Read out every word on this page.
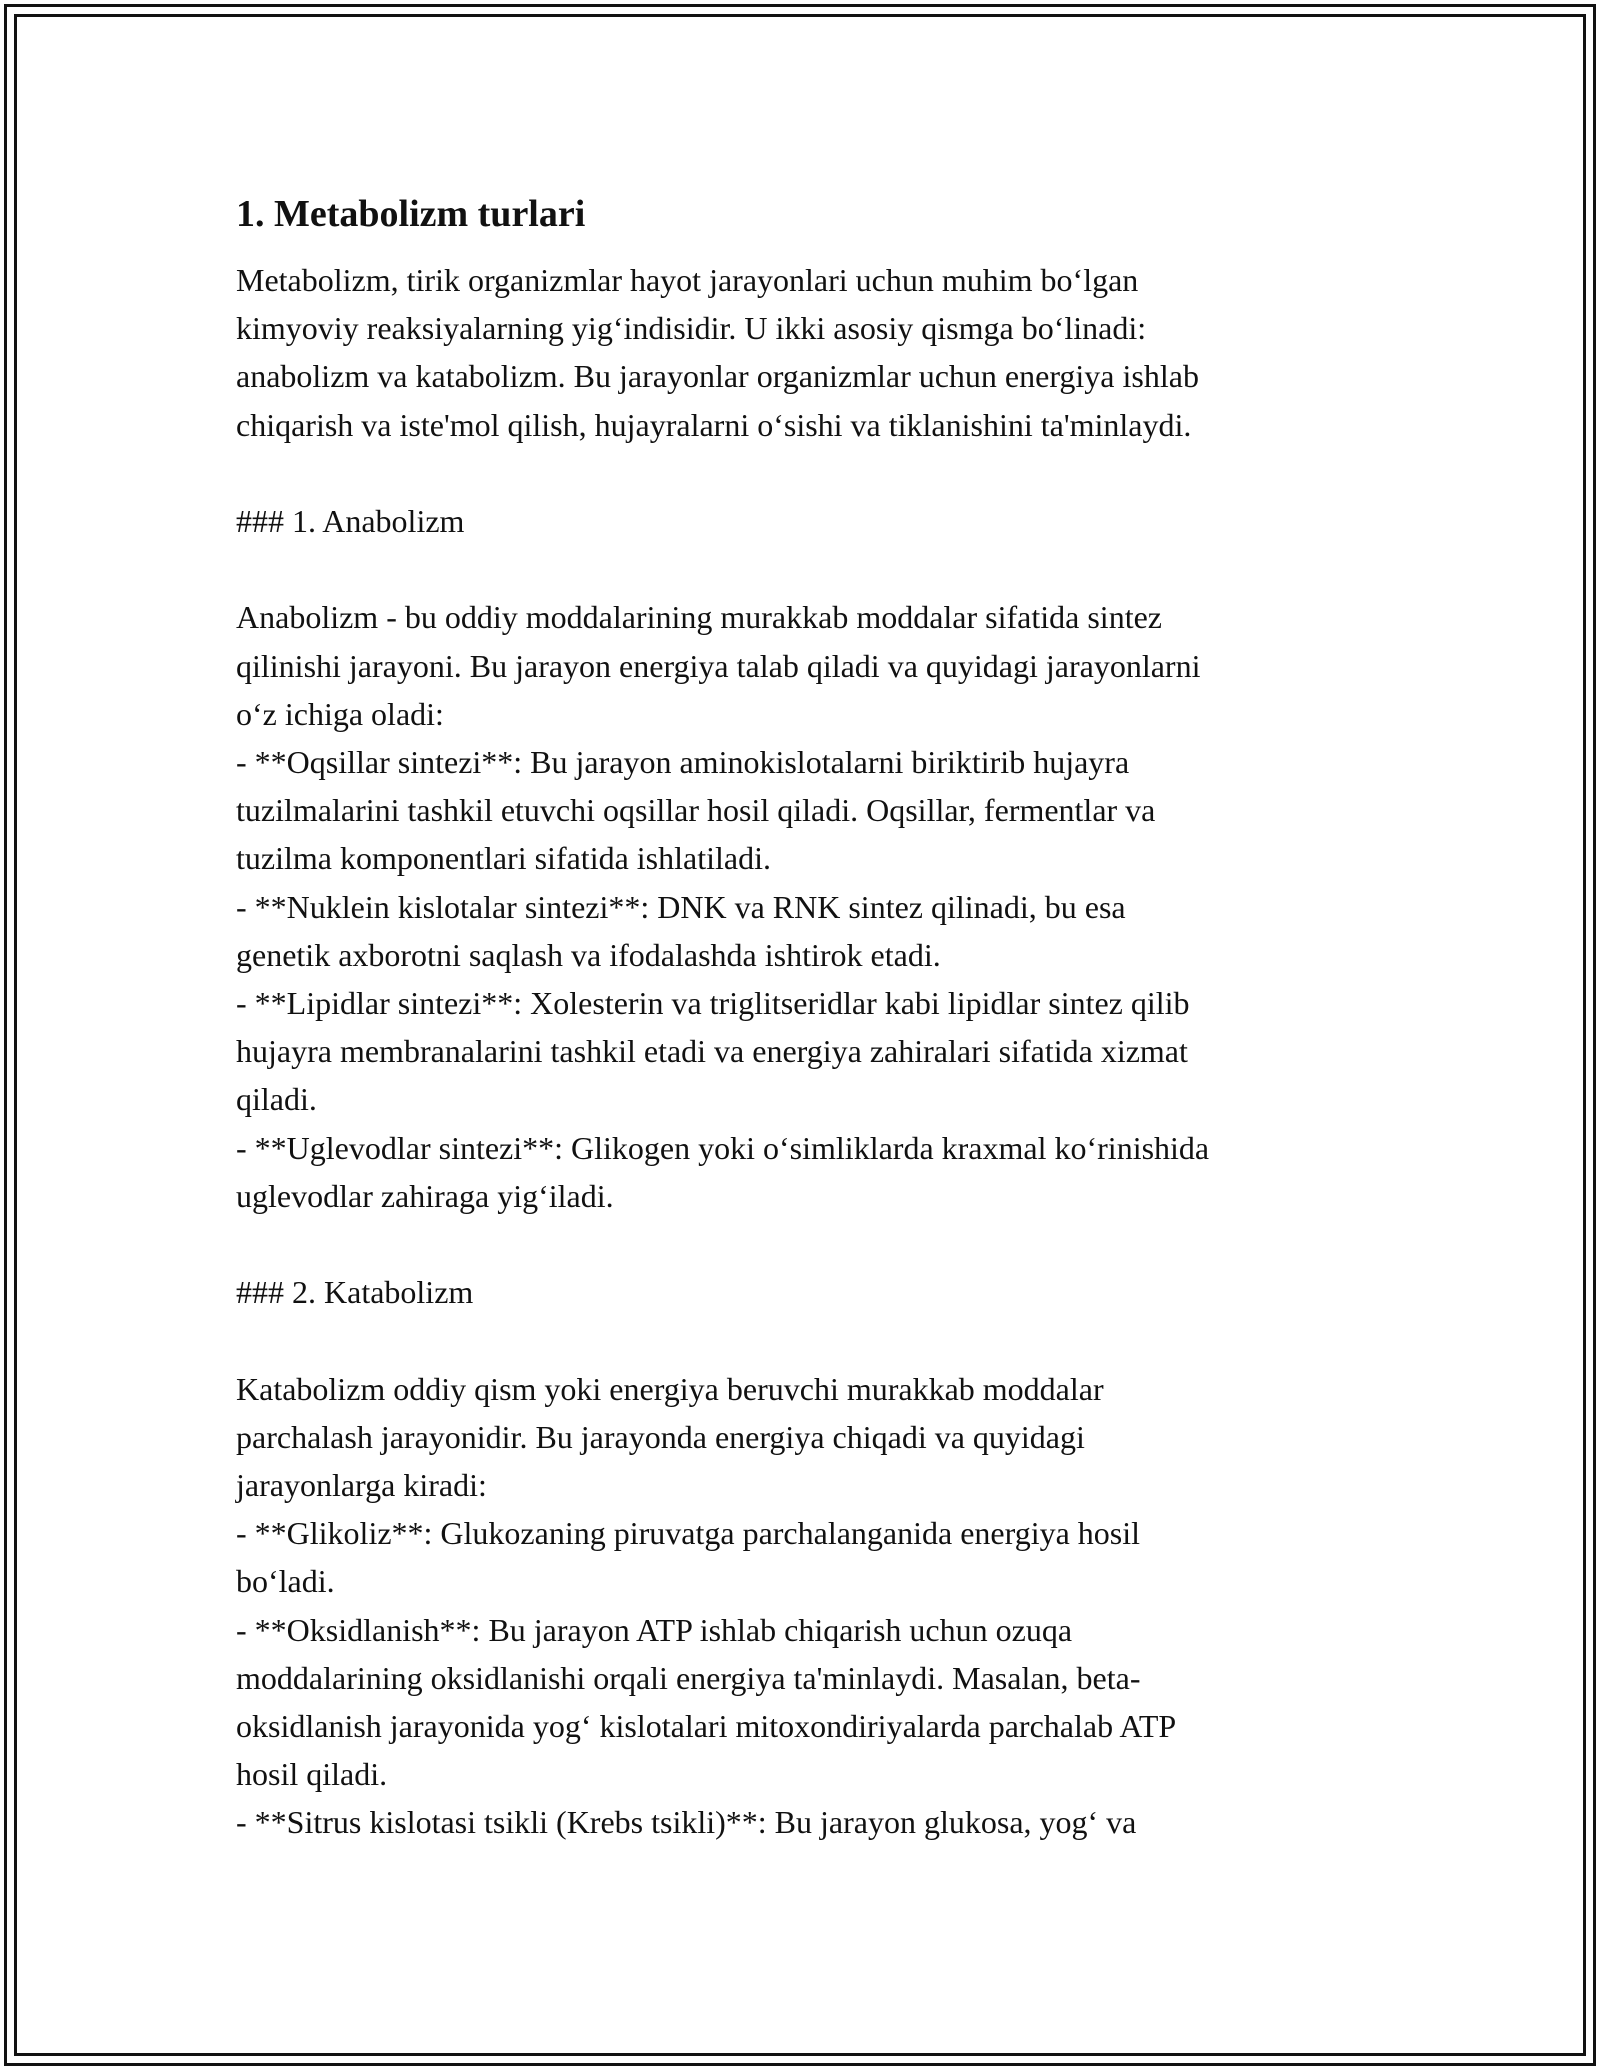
1. Metabolizm turlari
Metabolizm, tirik organizmlar hayot jarayonlari uchun muhim bo‘lgan
kimyoviy reaksiyalarning yig‘indisidir. U ikki asosiy qismga bo‘linadi:
anabolizm va katabolizm. Bu jarayonlar organizmlar uchun energiya ishlab
chiqarish va iste'mol qilish, hujayralarni o‘sishi va tiklanishini ta'minlaydi.
### 1. Anabolizm
Anabolizm - bu oddiy moddalarining murakkab moddalar sifatida sintez
qilinishi jarayoni. Bu jarayon energiya talab qiladi va quyidagi jarayonlarni
o‘z ichiga oladi:
- **Oqsillar sintezi**: Bu jarayon aminokislotalarni biriktirib hujayra
tuzilmalarini tashkil etuvchi oqsillar hosil qiladi. Oqsillar, fermentlar va
tuzilma komponentlari sifatida ishlatiladi.
- **Nuklein kislotalar sintezi**: DNK va RNK sintez qilinadi, bu esa
genetik axborotni saqlash va ifodalashda ishtirok etadi.
- **Lipidlar sintezi**: Xolesterin va triglitseridlar kabi lipidlar sintez qilib
hujayra membranalarini tashkil etadi va energiya zahiralari sifatida xizmat
qiladi.
- **Uglevodlar sintezi**: Glikogen yoki o‘simliklarda kraxmal ko‘rinishida
uglevodlar zahiraga yig‘iladi.
### 2. Katabolizm
Katabolizm oddiy qism yoki energiya beruvchi murakkab moddalar
parchalash jarayonidir. Bu jarayonda energiya chiqadi va quyidagi
jarayonlarga kiradi:
- **Glikoliz**: Glukozaning piruvatga parchalanganida energiya hosil
bo‘ladi.
- **Oksidlanish**: Bu jarayon ATP ishlab chiqarish uchun ozuqa
moddalarining oksidlanishi orqali energiya ta'minlaydi. Masalan, beta-
oksidlanish jarayonida yog‘ kislotalari mitoxondiriyalarda parchalab ATP
hosil qiladi.
- **Sitrus kislotasi tsikli (Krebs tsikli)**: Bu jarayon glukosa, yog‘ va
